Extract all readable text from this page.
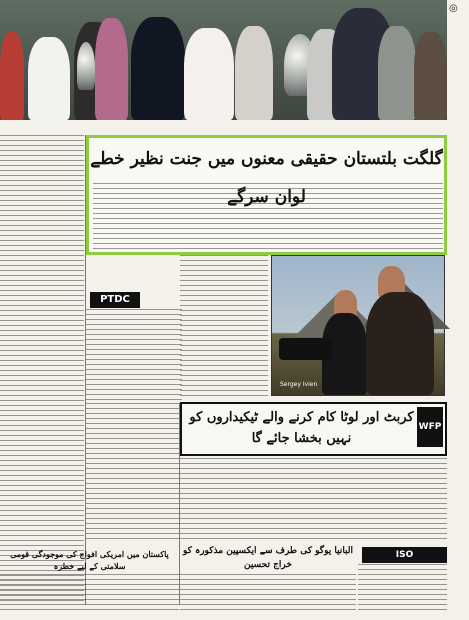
◎
گلگت بلتستان حقیقی معنوں میں جنت نظیر خطے لوان سرگے
PTDC
Sergey Ivien
کربٹ اور لوٹا کام کرنے والے ٹیکیداروں کو نہیں بخشا جائے گا
WFP
البانیا یوگو کی طرف سے ایکسپین مذکورہ کو خراج تحسین
پاکستان میں امریکی افواج کی موجودگی قومی سلامتی کے لیے خطرہ
ISO
